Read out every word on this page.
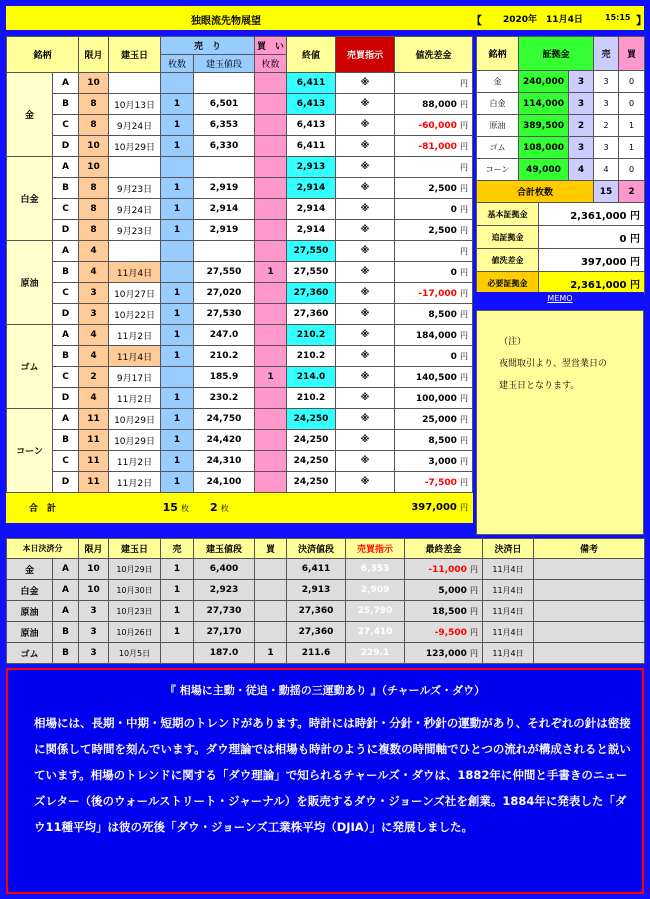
独眼流先物展望	【 2020年　11月4日	15:15 】
銘柄		限月	建玉日	売　り		買　い	終値	売買指示	値洗差金
				枚数	建玉値段	枚数			
金	A	10					6,411	※	円
	B	8	10月13日	1	6,501		6,413	※	88,000 円
	C	8	9月24日	1	6,353		6,413	※	-60,000 円
	D	10	10月29日	1	6,330		6,411	※	-81,000 円
白金	A	10					2,913	※	円
	B	8	9月23日	1	2,919		2,914	※	2,500 円
	C	8	9月24日	1	2,914		2,914	※	0 円
	D	8	9月23日	1	2,919		2,914	※	2,500 円
原油	A	4					27,550	※	円
	B	4	11月4日		27,550	1	27,550	※	0 円
	C	3	10月27日	1	27,020		27,360	※	-17,000 円
	D	3	10月22日	1	27,530		27,360	※	8,500 円
ゴム	A	4	11月2日	1	247.0		210.2	※	184,000 円
	B	4	11月4日	1	210.2		210.2	※	0 円
	C	2	9月17日		185.9	1	214.0	※	140,500 円
	D	4	11月2日	1	230.2		210.2	※	100,000 円
コーン	A	11	10月29日	1	24,750		24,250	※	25,000 円
	B	11	10月29日	1	24,420		24,250	※	8,500 円
	C	11	11月2日	1	24,310		24,250	※	3,000 円
	D	11	11月2日	1	24,100		24,250	※	-7,500 円
合　計		15 枚			2 枚				397,000 円
銘柄	証拠金		売	買
金	240,000	3	3	0
白金	114,000	3	3	0
原油	389,500	2	2	1
ゴム	108,000	3	3	1
コーン	49,000	4	4	0
合計枚数			15	2
基本証拠金	2,361,000 円
追証拠金	0 円
値洗差金	397,000 円
必要証拠金	2,361,000 円
MEMO

（注）

夜間取引より、翌営業日の

建玉日となります。

本日決済分		限月	建玉日	売	建玉値段	買	決済値段	売買指示	最終差金	決済日	備考
金	A	10	10月29日	1	6,400		6,411	6,353	-11,000 円	11月4日	
白金	A	10	10月30日	1	2,923		2,913	2,909	5,000 円	11月4日	
原油	A	3	10月23日	1	27,730		27,360	25,790	18,500 円	11月4日	
原油	B	3	10月26日	1	27,170		27,360	27,410	-9,500 円	11月4日	
ゴム	B	3	10月5日		187.0	1	211.6	229.1	123,000 円	11月4日	
『 相場に主動・従追・動揺の三運動あり 』（チャールズ・ダウ）
相場には、長期・中期・短期のトレンドがあります。時計には時針・分針・秒針の運動があり、それぞれの針は密接に関係して時間を刻んでいます。ダウ理論では相場も時計のように複数の時間軸でひとつの流れが構成されると説いています。相場のトレンドに関する「ダウ理論」で知られるチャールズ・ダウは、1882年に仲間と手書きのニューズレター（後のウォールストリート・ジャーナル）を販売するダウ・ジョーンズ社を創業。1884年に発表した「ダウ11種平均」は彼の死後「ダウ・ジョーンズ工業株平均（DJIA）」に発展しました。
